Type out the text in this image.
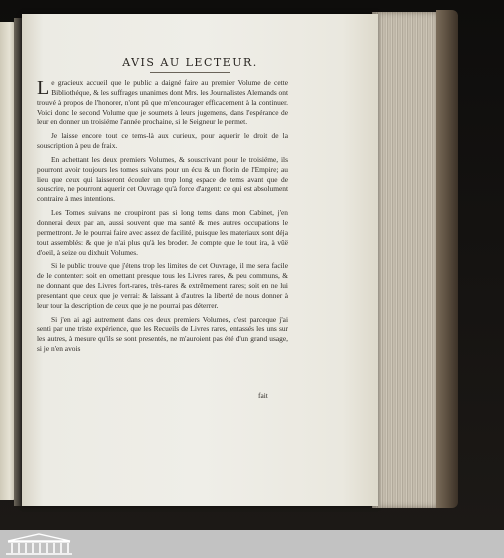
AVIS AU LECTEUR.

Le gracieux accueil que le public a daigné faire au premier Volume de cette Bibliothéque, & les suffrages unanimes dont Mrs. les Journalistes Alemands ont trouvé à propos de l'honorer, n'ont pû que m'encourager efficacement à la continuer. Voici donc le second Volume que je soumets à leurs jugemens, dans l'espérance de leur en donner un troisiéme l'année prochaine, si le Seigneur le permet.

Je laisse encore tout ce tems-là aux curieux, pour aquerir le droit de la souscription à peu de fraix.

En achettant les deux premiers Volumes, & souscrivant pour le troisiéme, ils pourront avoir toujours les tomes suivans pour un écu & un florin de l'Empire; au lieu que ceux qui laisseront écouler un trop long espace de tems avant que de souscrire, ne pourront aquerir cet Ouvrage qu'à force d'argent: ce qui est absolument contraire à mes intentions.

Les Tomes suivans ne croupiront pas si long tems dans mon Cabinet, j'en donnerai deux par an, aussi souvent que ma santé & mes autres occupations le permettront. Je le pourrai faire avec assez de facilité, puisque les materiaux sont déja tout assemblés: & que je n'ai plus qu'à les broder. Je compte que le tout ira, à vûë d'oeil, à seize ou dixhuit Volumes.

Si le public trouve que j'étens trop les limites de cet Ouvrage, il me sera facile de le contenter: soit en omettant presque tous les Livres rares, & peu communs, & ne donnant que des Livres fort-rares, très-rares & extrêmement rares; soit en ne lui presentant que ceux que je verrai: & laissant à d'autres la liberté de nous donner à leur tour la description de ceux que je ne pourrai pas déterrer.

Si j'en ai agi autrement dans ces deux premiers Volumes, c'est parceque j'ai senti par une triste expérience, que les Recueils de Livres rares, entassés les uns sur les autres, à mesure qu'ils se sont presentés, ne m'auroient pas été d'un grand usage, si je n'en avois

fait
